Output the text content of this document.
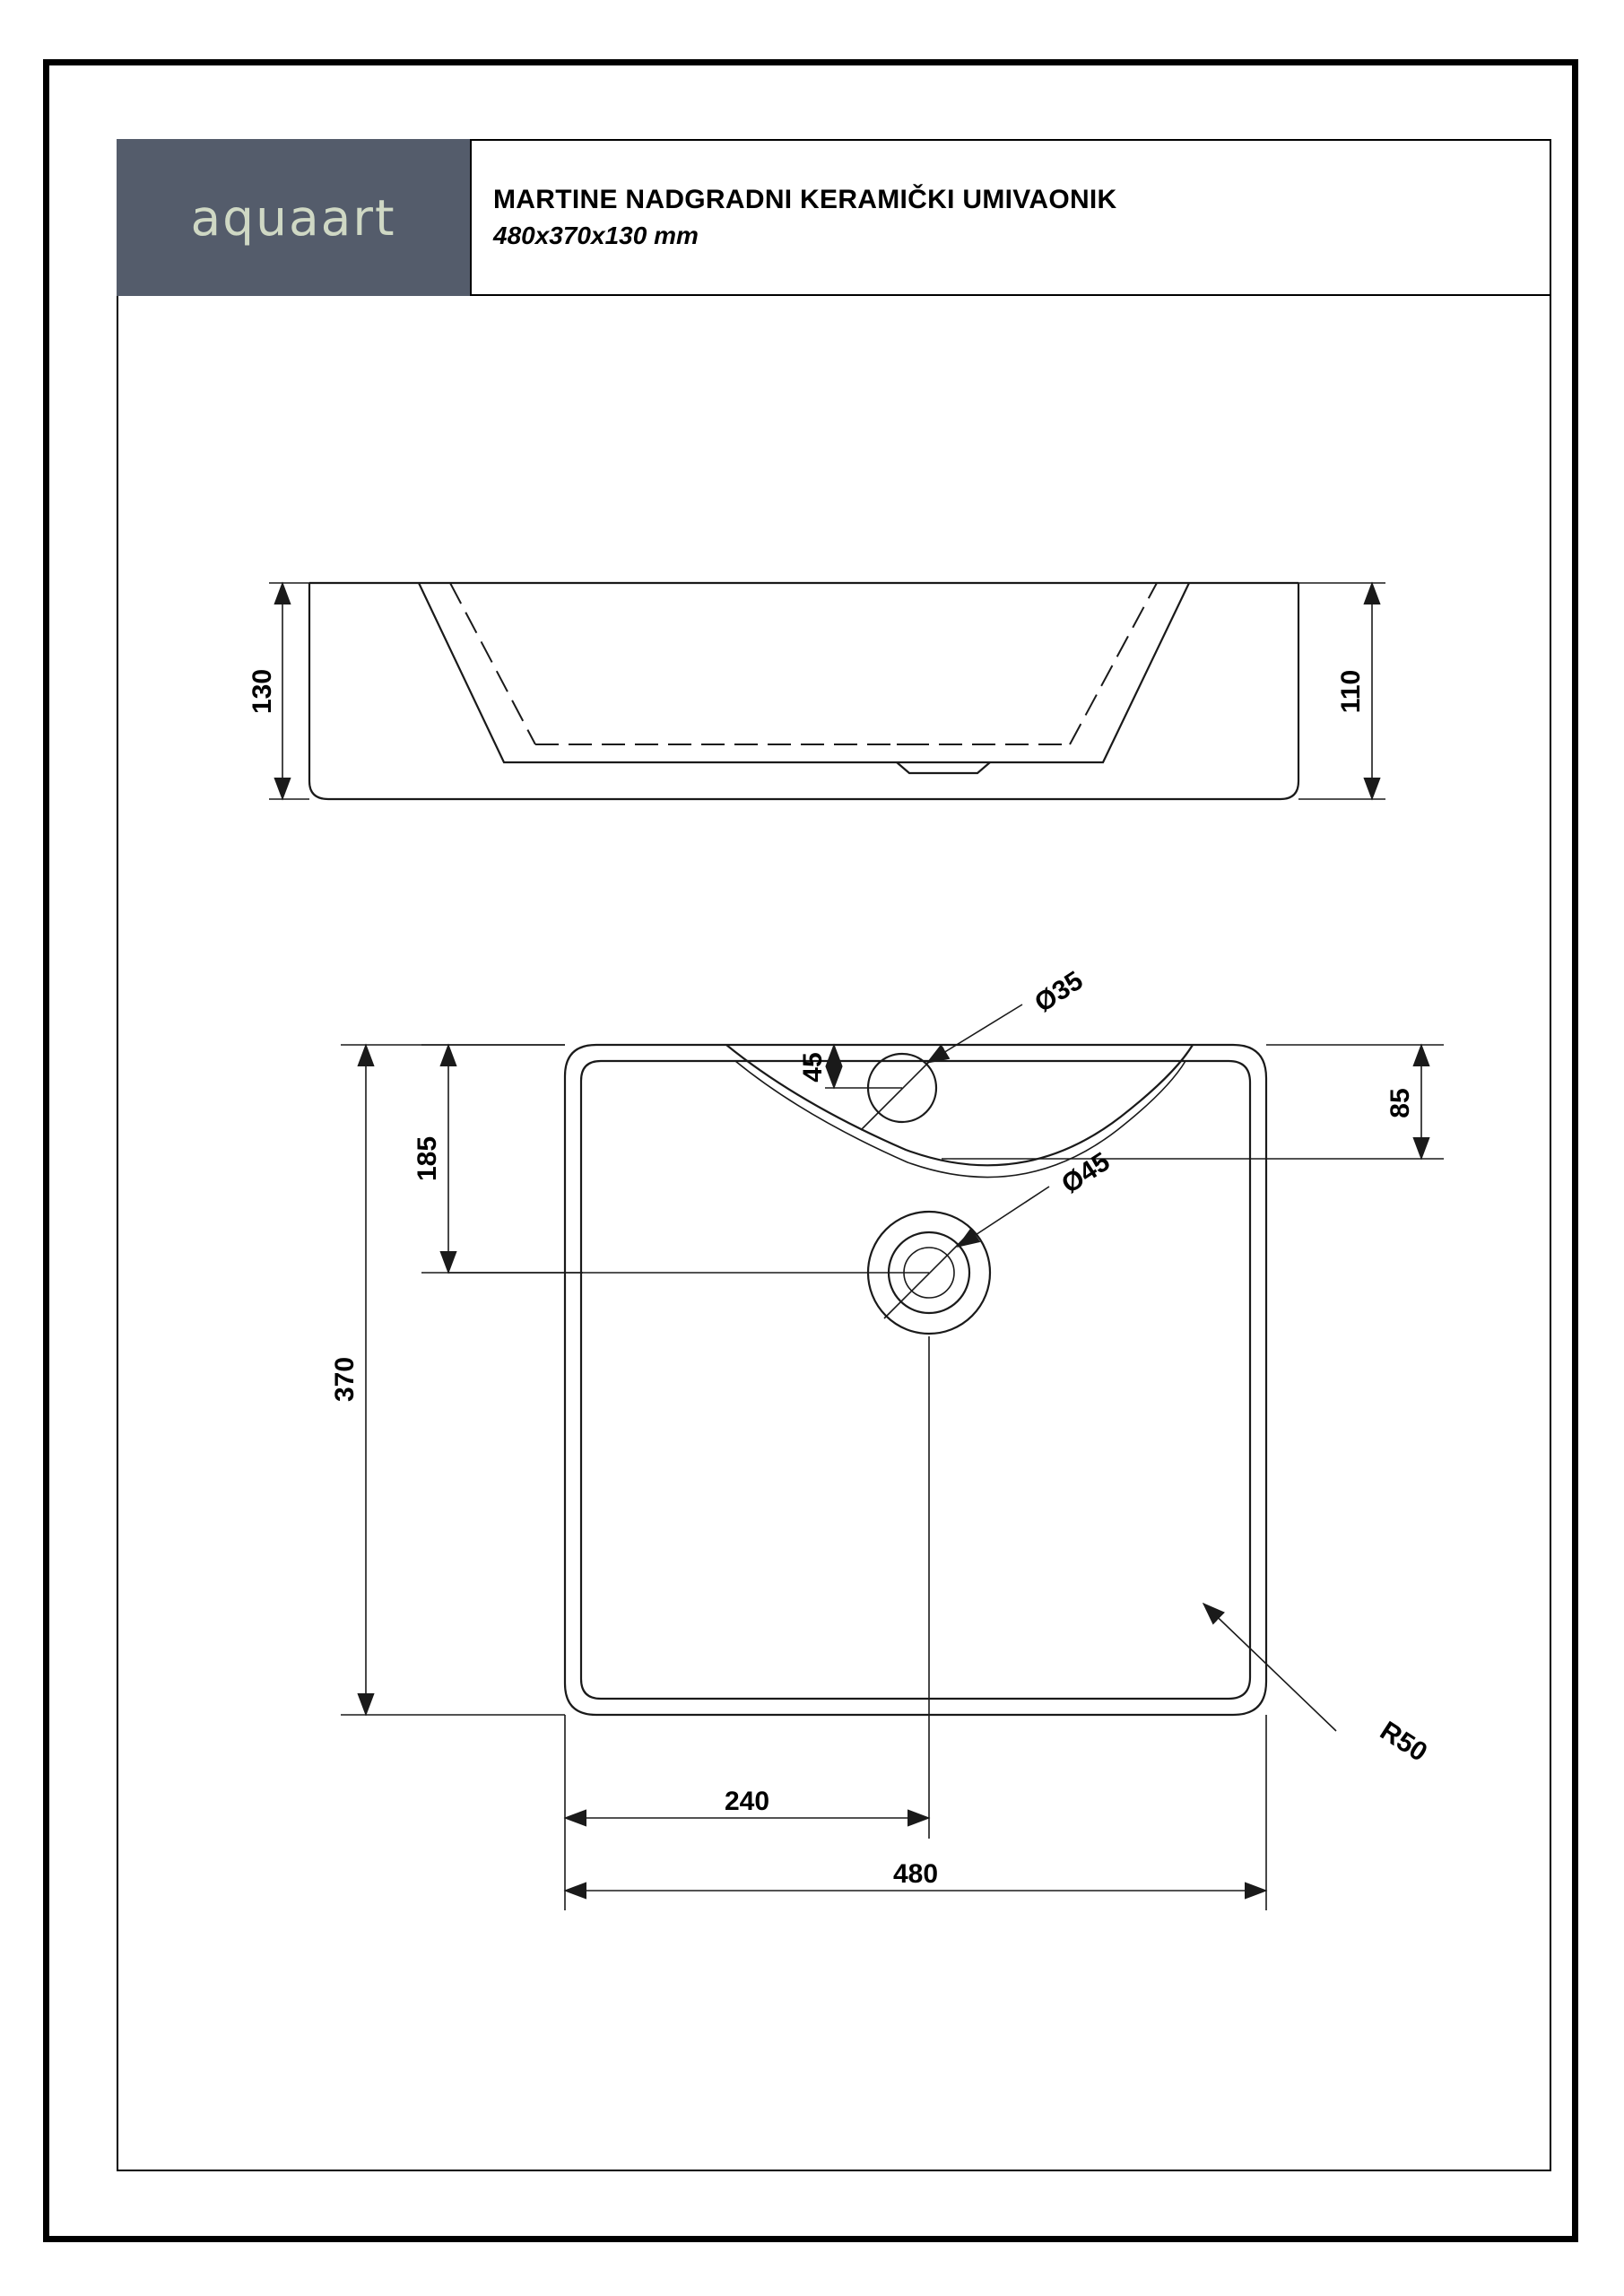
aquaart	MARTINE NADGRADNI KERAMIČKI UMIVAONIK
480x370x130 mm
130	110
Ø35
45
85
185
370
Ø45
R50
240
480
